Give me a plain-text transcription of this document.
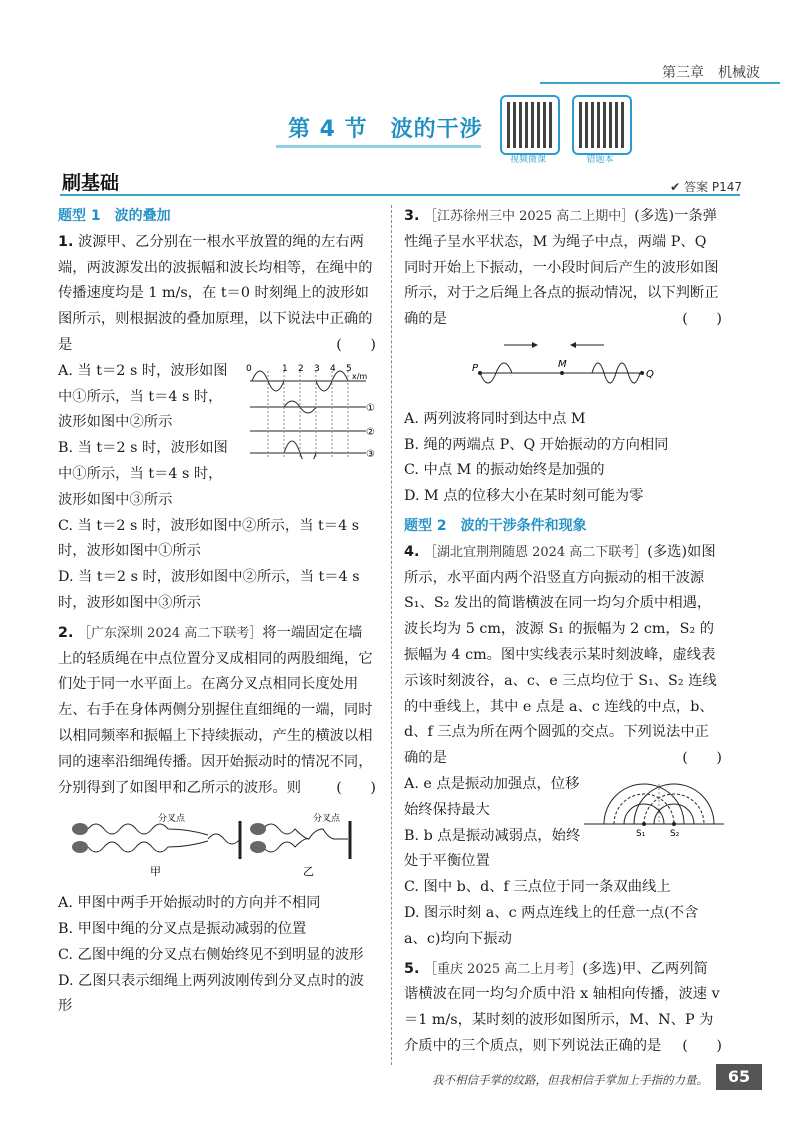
第三章　机械波
第 4 节　波的干涉
视频微课	错题本
刷基础	✔ 答案 P147
题型 1　波的叠加
1. 波源甲、乙分别在一根水平放置的绳的左右两端，两波源发出的波振幅和波长均相等，在绳中的传播速度均是 1 m/s，在 t＝0 时刻绳上的波形如图所示，则根据波的叠加原理，以下说法中正确的是	(　　)
0	1 2 3 4 5
x/m
①
②
③
A. 当 t＝2 s 时，波形如图中①所示，当 t＝4 s 时，波形如图中②所示
B. 当 t＝2 s 时，波形如图中①所示，当 t＝4 s 时，波形如图中③所示
C. 当 t＝2 s 时，波形如图中②所示，当 t＝4 s 时，波形如图中①所示
D. 当 t＝2 s 时，波形如图中②所示，当 t＝4 s 时，波形如图中③所示
2. ［广东深圳 2024 高二下联考］将一端固定在墙上的轻质绳在中点位置分叉成相同的两股细绳，它们处于同一水平面上。在离分叉点相同长度处用左、右手在身体两侧分别握住直细绳的一端，同时以相同频率和振幅上下持续振动，产生的横波以相同的速率沿细绳传播。因开始振动时的情况不同，分别得到了如图甲和乙所示的波形。则 (　　)
分叉点
甲
分叉点
乙
A. 甲图中两手开始振动时的方向并不相同
B. 甲图中绳的分叉点是振动减弱的位置
C. 乙图中绳的分叉点右侧始终见不到明显的波形
D. 乙图只表示细绳上两列波刚传到分叉点时的波形
3. ［江苏徐州三中 2025 高二上期中］(多选)一条弹性绳子呈水平状态，M 为绳子中点，两端 P、Q 同时开始上下振动，一小段时间后产生的波形如图所示，对于之后绳上各点的振动情况，以下判断正确的是	(　　)
P	M
Q
A. 两列波将同时到达中点 M
B. 绳的两端点 P、Q 开始振动的方向相同
C. 中点 M 的振动始终是加强的
D. M 点的位移大小在某时刻可能为零
题型 2　波的干涉条件和现象
4. ［湖北宜荆荆随恩 2024 高二下联考］(多选)如图所示，水平面内两个沿竖直方向振动的相干波源 S₁、S₂ 发出的简谐横波在同一均匀介质中相遇，波长均为 5 cm，波源 S₁ 的振幅为 2 cm，S₂ 的振幅为 4 cm。图中实线表示某时刻波峰，虚线表示该时刻波谷，a、c、e 三点均位于 S₁、S₂ 连线的中垂线上，其中 e 点是 a、c 连线的中点，b、d、f 三点为所在两个圆弧的交点。下列说法中正确的是	(　　)
S₁	S₂
A. e 点是振动加强点，位移始终保持最大
B. b 点是振动减弱点，始终处于平衡位置
C. 图中 b、d、f 三点位于同一条双曲线上
D. 图示时刻 a、c 两点连线上的任意一点(不含 a、c)均向下振动
5. ［重庆 2025 高二上月考］(多选)甲、乙两列简谐横波在同一均匀介质中沿 x 轴相向传播，波速 v＝1 m/s，某时刻的波形如图所示，M、N、P 为介质中的三个质点，则下列说法正确的是 (　　)
我不相信手掌的纹路，但我相信手掌加上手指的力量。	65
